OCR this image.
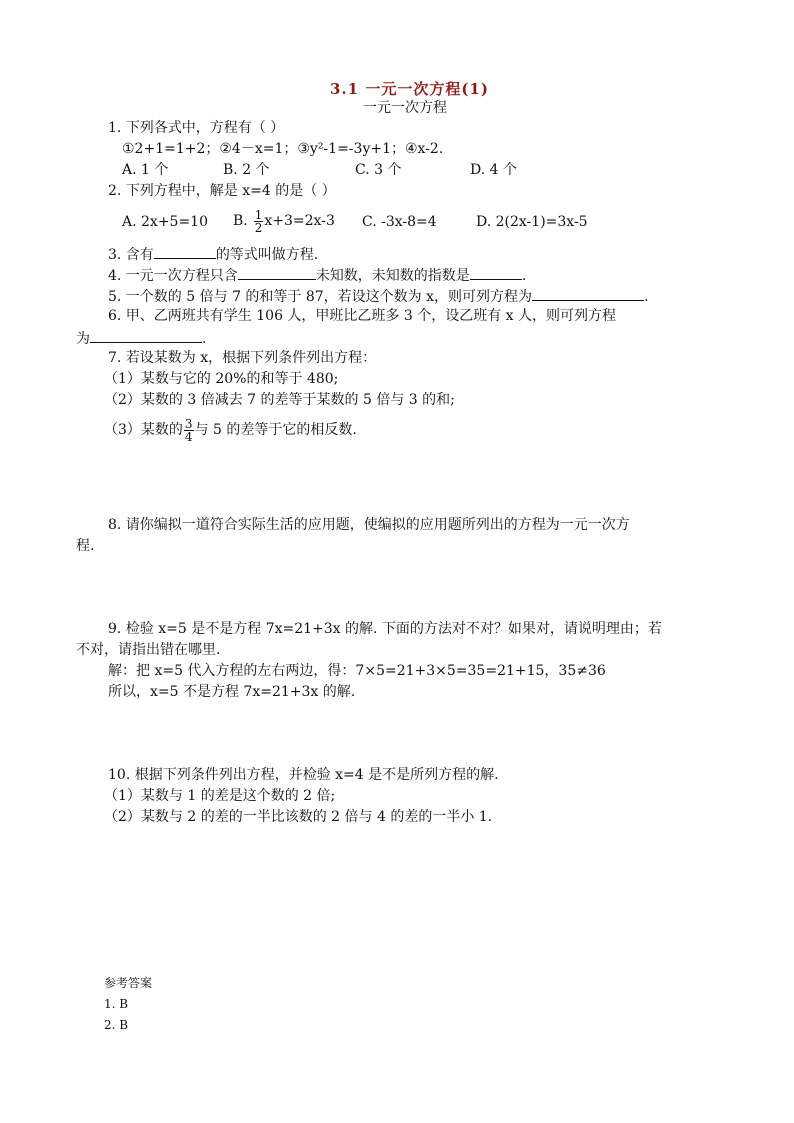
3.1 一元一次方程(1)
一元一次方程
1. 下列各式中，方程有（ ）
①2+1=1+2；②4－x=1；③y²-1=-3y+1；④x-2.
A. 1 个	B. 2 个	C. 3 个	D. 4 个
2. 下列方程中，解是 x=4 的是（ ）
A. 2x+5=10 B. $\frac{1}{2} x+3=2x-3$ C. -3x-8=4	D. 2(2x-1)=3x-5
3. 含有	的等式叫做方程.
4. 一元一次方程只含	未知数，未知数的指数是	.
5. 一个数的 5 倍与 7 的和等于 87，若设这个数为 x，则可列方程为	.
6. 甲、乙两班共有学生 106 人，甲班比乙班多 3 个，设乙班有 x 人，则可列方程
为	.
7. 若设某数为 x，根据下列条件列出方程：
（1）某数与它的 20%的和等于 480;
（2）某数的 3 倍减去 7 的差等于某数的 5 倍与 3 的和;
（3）某数的 $\frac{3}{4}$ 与 5 的差等于它的相反数.
8. 请你编拟一道符合实际生活的应用题，使编拟的应用题所列出的方程为一元一次方
程.
9. 检验 x=5 是不是方程 7x=21+3x 的解. 下面的方法对不对？如果对，请说明理由；若
不对，请指出错在哪里.
解：把 x=5 代入方程的左右两边，得：7×5=21+3×5=35=21+15，35≠36
所以，x=5 不是方程 7x=21+3x 的解.
10. 根据下列条件列出方程，并检验 x=4 是不是所列方程的解.
（1）某数与 1 的差是这个数的 2 倍;
（2）某数与 2 的差的一半比该数的 2 倍与 4 的差的一半小 1.
参考答案
1. B
2. B
